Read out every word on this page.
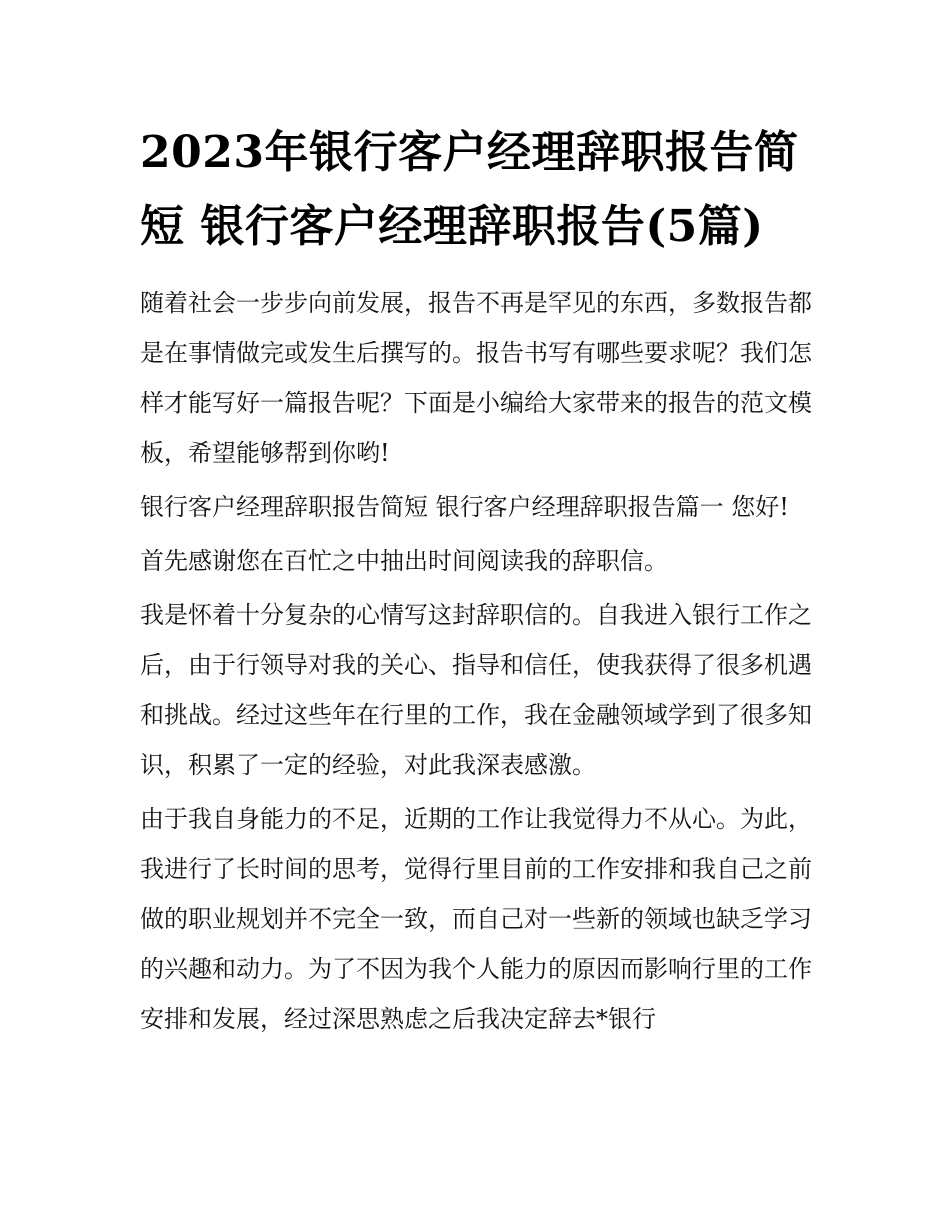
2023年银行客户经理辞职报告简短 银行客户经理辞职报告(5篇)

随着社会一步步向前发展，报告不再是罕见的东西，多数报告都是在事情做完或发生后撰写的。报告书写有哪些要求呢？我们怎样才能写好一篇报告呢？下面是小编给大家带来的报告的范文模板，希望能够帮到你哟!

银行客户经理辞职报告简短 银行客户经理辞职报告篇一 您好!

首先感谢您在百忙之中抽出时间阅读我的辞职信。

我是怀着十分复杂的心情写这封辞职信的。自我进入银行工作之后，由于行领导对我的关心、指导和信任，使我获得了很多机遇和挑战。经过这些年在行里的工作，我在金融领域学到了很多知识，积累了一定的经验，对此我深表感激。

由于我自身能力的不足，近期的工作让我觉得力不从心。为此，我进行了长时间的思考，觉得行里目前的工作安排和我自己之前做的职业规划并不完全一致，而自己对一些新的领域也缺乏学习的兴趣和动力。为了不因为我个人能力的原因而影响行里的工作安排和发展，经过深思熟虑之后我决定辞去*银行
